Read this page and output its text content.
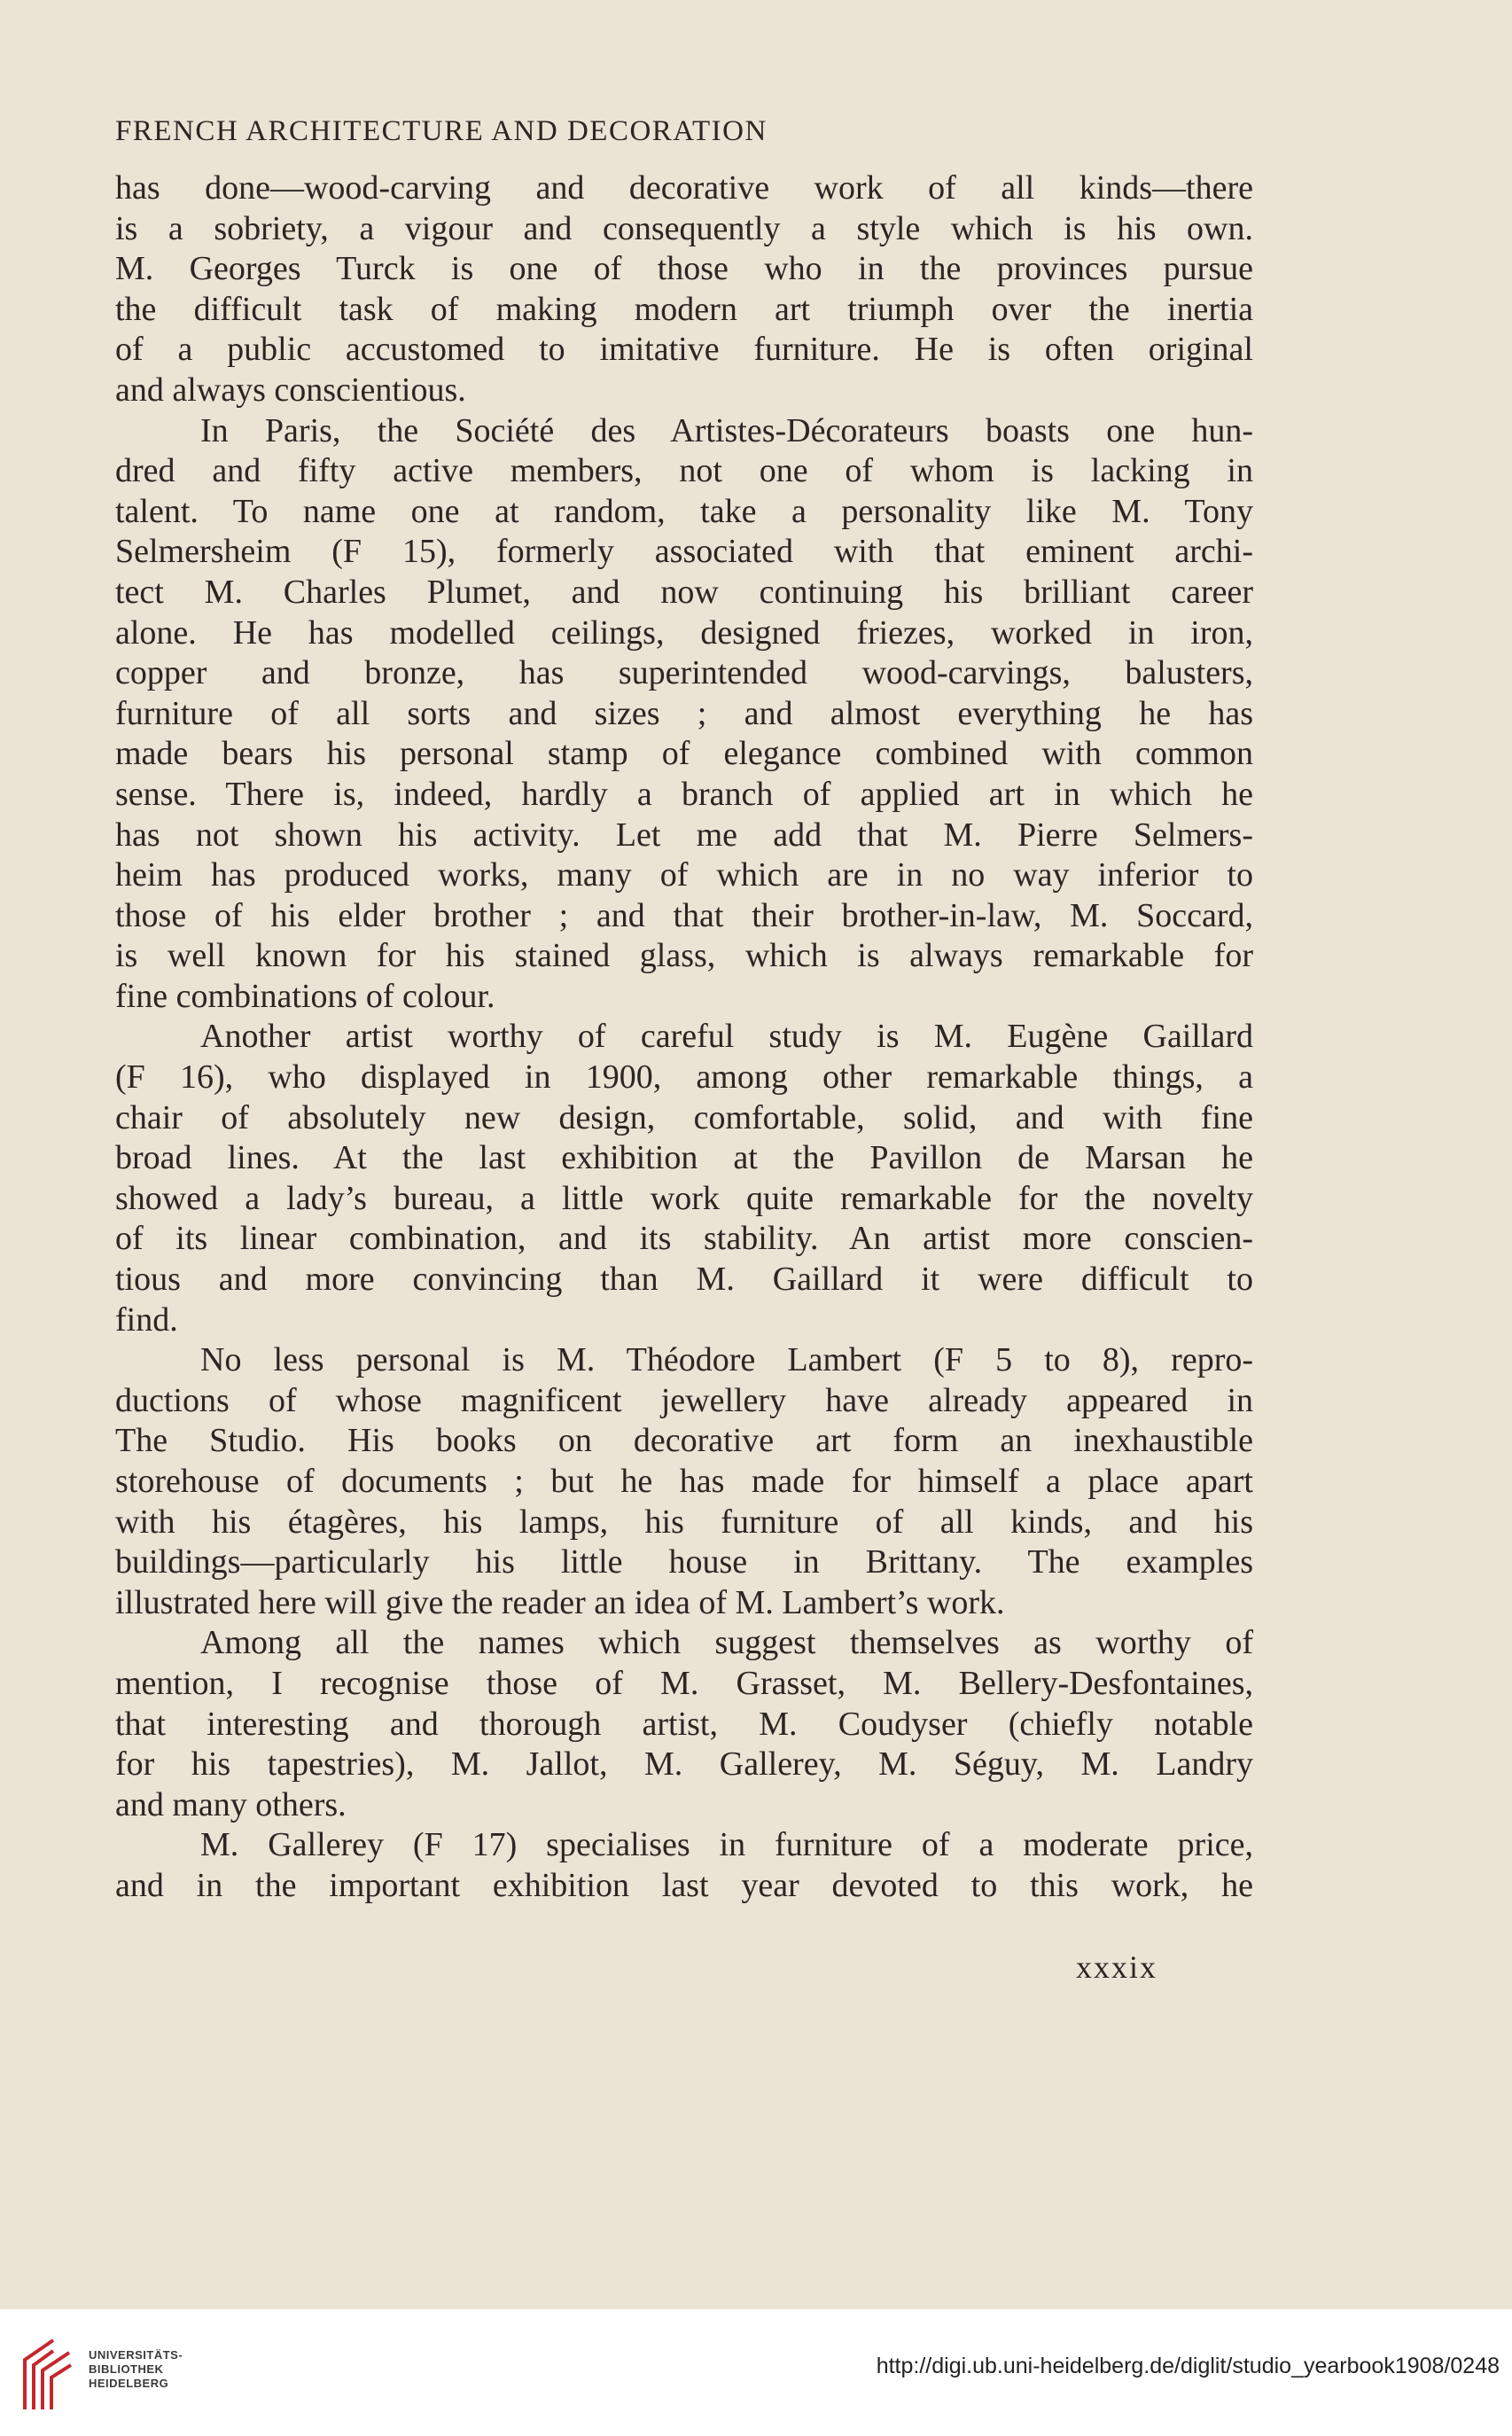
FRENCH ARCHITECTURE AND DECORATION
has done—wood-carving and decorative work of all kinds—there
is a sobriety, a vigour and consequently a style which is his own.
M. Georges Turck is one of those who in the provinces pursue
the difficult task of making modern art triumph over the inertia
of a public accustomed to imitative furniture. He is often original
and always conscientious.
In Paris, the Société des Artistes-Décorateurs boasts one hun-
dred and fifty active members, not one of whom is lacking in
talent. To name one at random, take a personality like M. Tony
Selmersheim (F 15), formerly associated with that eminent archi-
tect M. Charles Plumet, and now continuing his brilliant career
alone. He has modelled ceilings, designed friezes, worked in iron,
copper and bronze, has superintended wood-carvings, balusters,
furniture of all sorts and sizes ; and almost everything he has
made bears his personal stamp of elegance combined with common
sense. There is, indeed, hardly a branch of applied art in which he
has not shown his activity. Let me add that M. Pierre Selmers-
heim has produced works, many of which are in no way inferior to
those of his elder brother ; and that their brother-in-law, M. Soccard,
is well known for his stained glass, which is always remarkable for
fine combinations of colour.
Another artist worthy of careful study is M. Eugène Gaillard
(F 16), who displayed in 1900, among other remarkable things, a
chair of absolutely new design, comfortable, solid, and with fine
broad lines. At the last exhibition at the Pavillon de Marsan he
showed a lady’s bureau, a little work quite remarkable for the novelty
of its linear combination, and its stability. An artist more conscien-
tious and more convincing than M. Gaillard it were difficult to
find.
No less personal is M. Théodore Lambert (F 5 to 8), repro-
ductions of whose magnificent jewellery have already appeared in
The Studio. His books on decorative art form an inexhaustible
storehouse of documents ; but he has made for himself a place apart
with his étagères, his lamps, his furniture of all kinds, and his
buildings—particularly his little house in Brittany. The examples
illustrated here will give the reader an idea of M. Lambert’s work.
Among all the names which suggest themselves as worthy of
mention, I recognise those of M. Grasset, M. Bellery-Desfontaines,
that interesting and thorough artist, M. Coudyser (chiefly notable
for his tapestries), M. Jallot, M. Gallerey, M. Séguy, M. Landry
and many others.
M. Gallerey (F 17) specialises in furniture of a moderate price,
and in the important exhibition last year devoted to this work, he
xxxix
UNIVERSITÄTS-
BIBLIOTHEK
HEIDELBERG
http://digi.ub.uni-heidelberg.de/diglit/studio_yearbook1908/0248
